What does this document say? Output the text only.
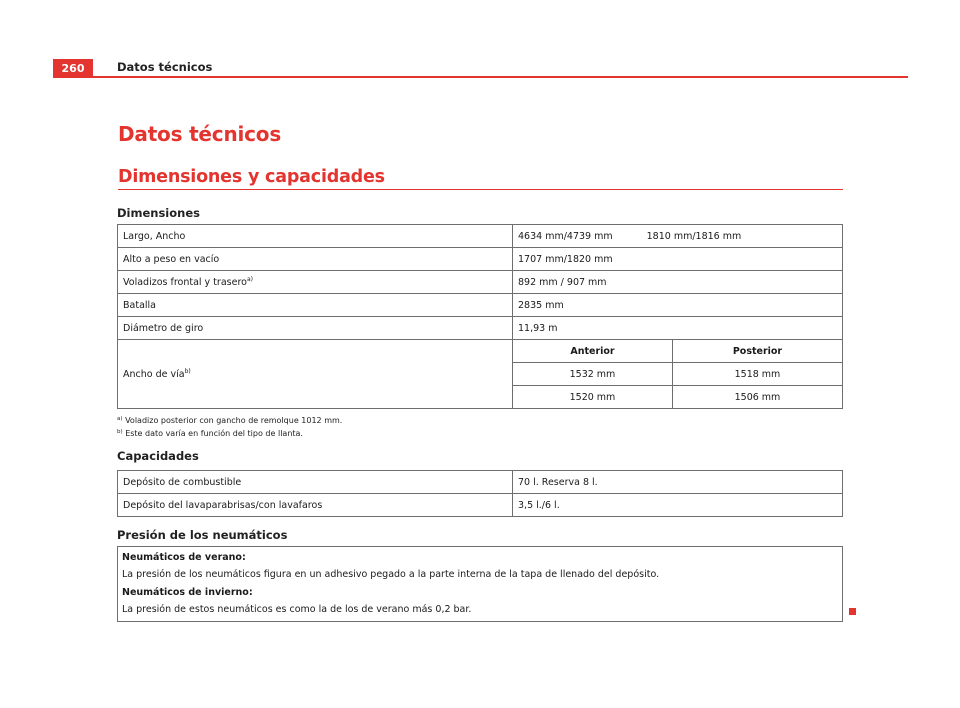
260	Datos técnicos
Datos técnicos
Dimensiones y capacidades
Dimensiones
Largo, Ancho	4634 mm/4739 mm 1810 mm/1816 mm	
Alto a peso en vacío	1707 mm/1820 mm	
Voladizos frontal y trasero$^{a)}$	892 mm / 907 mm	
Batalla	2835 mm	
Diámetro de giro	11,93 m	
Ancho de vía$^{b)}$	Anterior	Posterior
	1532 mm	1518 mm
	1520 mm	1506 mm
$^{a)}$ Voladizo posterior con gancho de remolque 1012 mm.
$^{b)}$ Este dato varía en función del tipo de llanta.
Capacidades
Depósito de combustible	70 l. Reserva 8 l.
Depósito del lavaparabrisas/con lavafaros	3,5 l./6 l.
Presión de los neumáticos
Neumáticos de verano:
La presión de los neumáticos figura en un adhesivo pegado a la parte interna de la tapa de llenado del depósito.
Neumáticos de invierno:
La presión de estos neumáticos es como la de los de verano más 0,2 bar.
